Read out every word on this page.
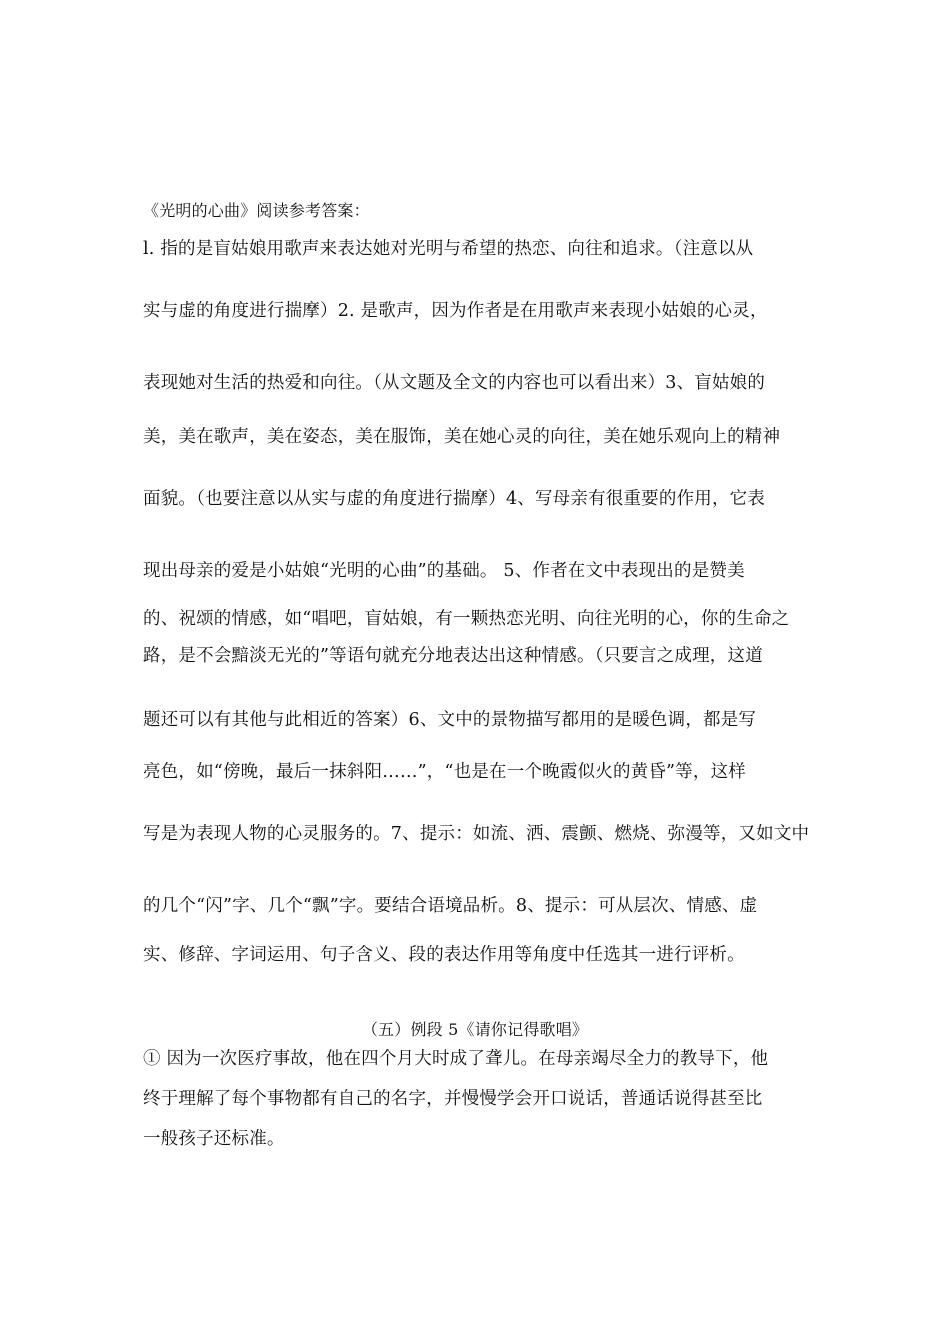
《光明的心曲》阅读参考答案：
l. 指的是盲姑娘用歌声来表达她对光明与希望的热恋、向往和追求。（注意以从
实与虚的角度进行揣摩）2. 是歌声，因为作者是在用歌声来表现小姑娘的心灵，
表现她对生活的热爱和向往。（从文题及全文的内容也可以看出来）3、盲姑娘的
美，美在歌声，美在姿态，美在服饰，美在她心灵的向往，美在她乐观向上的精神
面貌。（也要注意以从实与虚的角度进行揣摩）4、写母亲有很重要的作用，它表
现出母亲的爱是小姑娘“光明的心曲”的基础。 5、作者在文中表现出的是赞美
的、祝颂的情感，如“唱吧，盲姑娘，有一颗热恋光明、向往光明的心，你的生命之
路，是不会黯淡无光的”等语句就充分地表达出这种情感。（只要言之成理，这道
题还可以有其他与此相近的答案）6、文中的景物描写都用的是暖色调，都是写
亮色，如“傍晚，最后一抹斜阳……”，“也是在一个晚霞似火的黄昏”等，这样
写是为表现人物的心灵服务的。7、提示：如流、洒、震颤、燃烧、弥漫等，又如文中
的几个“闪”字、几个“飘”字。要结合语境品析。8、提示：可从层次、情感、虚
实、修辞、字词运用、句子含义、段的表达作用等角度中任选其一进行评析。
（五）例段 5《请你记得歌唱》
① 因为一次医疗事故，他在四个月大时成了聋儿。在母亲竭尽全力的教导下，他
终于理解了每个事物都有自己的名字，并慢慢学会开口说话，普通话说得甚至比
一般孩子还标准。
